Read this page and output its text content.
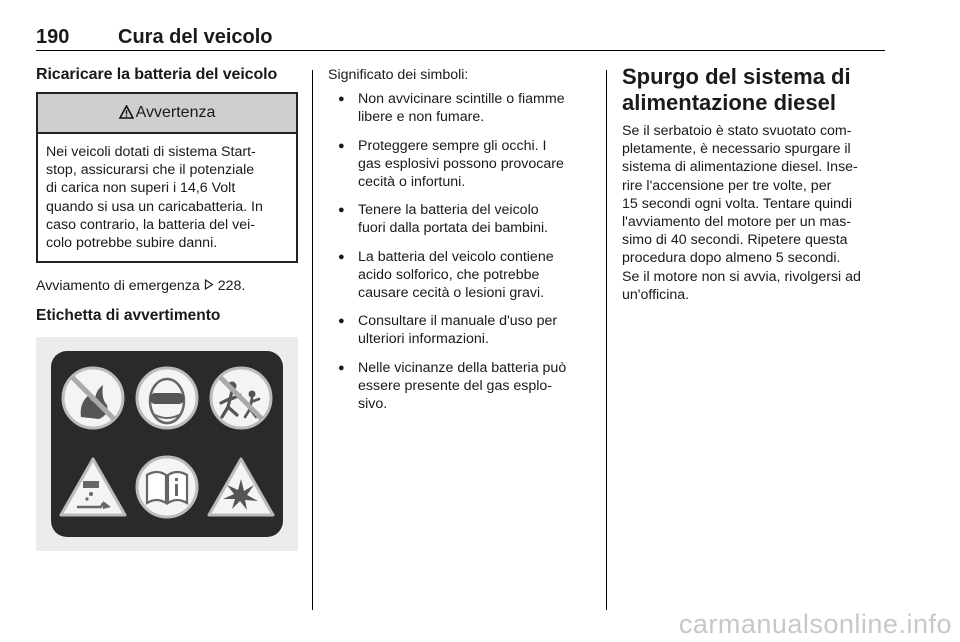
190 Cura del veicolo
Ricaricare la batteria del veicolo
Avvertenza
Nei veicoli dotati di sistema Start-
stop, assicurarsi che il potenziale
di carica non superi i 14,6 Volt
quando si usa un caricabatteria. In
caso contrario, la batteria del vei-
colo potrebbe subire danni.
Avviamento di emergenza 228.
Etichetta di avvertimento
Significato dei simboli:
● Non avvicinare scintille o fiamme
libere e non fumare.
● Proteggere sempre gli occhi. I
gas esplosivi possono provocare
cecità o infortuni.
● Tenere la batteria del veicolo
fuori dalla portata dei bambini.
● La batteria del veicolo contiene
acido solforico, che potrebbe
causare cecità o lesioni gravi.
● Consultare il manuale d'uso per
ulteriori informazioni.
● Nelle vicinanze della batteria può
essere presente del gas esplo-
sivo.
Spurgo del sistema di
alimentazione diesel
Se il serbatoio è stato svuotato com-
pletamente, è necessario spurgare il
sistema di alimentazione diesel. Inse-
rire l'accensione per tre volte, per
15 secondi ogni volta. Tentare quindi
l'avviamento del motore per un mas-
simo di 40 secondi. Ripetere questa
procedura dopo almeno 5 secondi.
Se il motore non si avvia, rivolgersi ad
un'officina.
carmanualsonline.info
